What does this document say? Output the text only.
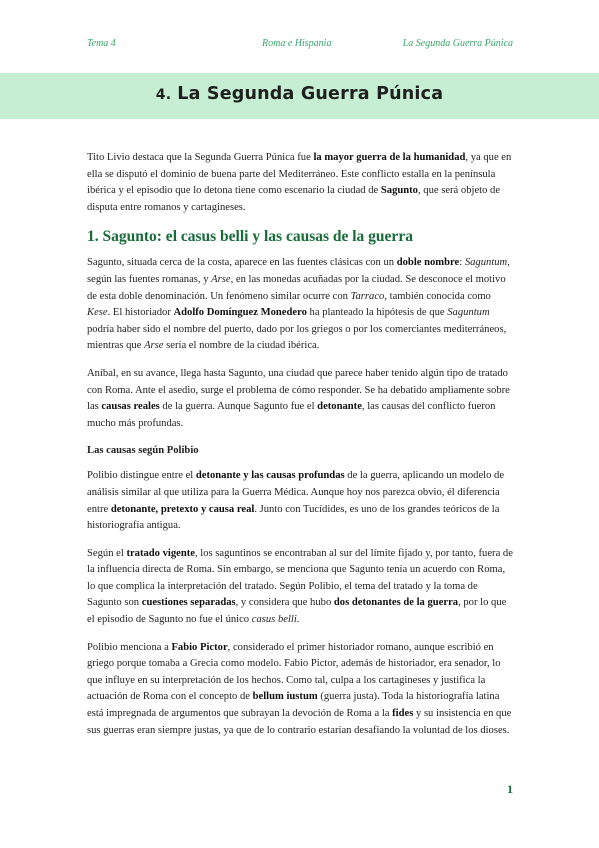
Tema 4	Roma e Hispania	La Segunda Guerra Púnica
4. La Segunda Guerra Púnica

Tito Livio destaca que la Segunda Guerra Púnica fue la mayor guerra de la humanidad, ya que en ella se disputó el dominio de buena parte del Mediterráneo. Este conflicto estalla en la península ibérica y el episodio que lo detona tiene como escenario la ciudad de Sagunto, que será objeto de disputa entre romanos y cartagineses.

1. Sagunto: el casus belli y las causas de la guerra

Sagunto, situada cerca de la costa, aparece en las fuentes clásicas con un doble nombre: Saguntum, según las fuentes romanas, y Arse, en las monedas acuñadas por la ciudad. Se desconoce el motivo de esta doble denominación. Un fenómeno similar ocurre con Tarraco, también conocida como Kese. El historiador Adolfo Domínguez Monedero ha planteado la hipótesis de que Saguntum podría haber sido el nombre del puerto, dado por los griegos o por los comerciantes mediterráneos, mientras que Arse sería el nombre de la ciudad ibérica.

Aníbal, en su avance, llega hasta Sagunto, una ciudad que parece haber tenido algún tipo de tratado con Roma. Ante el asedio, surge el problema de cómo responder. Se ha debatido ampliamente sobre las causas reales de la guerra. Aunque Sagunto fue el detonante, las causas del conflicto fueron mucho más profundas.

Las causas según Polibio

Polibio distingue entre el detonante y las causas profundas de la guerra, aplicando un modelo de análisis similar al que utiliza para la Guerra Médica. Aunque hoy nos parezca obvio, él diferencia entre detonante, pretexto y causa real. Junto con Tucídides, es uno de los grandes teóricos de la historiografía antigua.

Según el tratado vigente, los saguntinos se encontraban al sur del límite fijado y, por tanto, fuera de la influencia directa de Roma. Sin embargo, se menciona que Sagunto tenía un acuerdo con Roma, lo que complica la interpretación del tratado. Según Polibio, el tema del tratado y la toma de Sagunto son cuestiones separadas, y considera que hubo dos detonantes de la guerra, por lo que el episodio de Sagunto no fue el único casus belli.

Polibio menciona a Fabio Pictor, considerado el primer historiador romano, aunque escribió en griego porque tomaba a Grecia como modelo. Fabio Pictor, además de historiador, era senador, lo que influye en su interpretación de los hechos. Como tal, culpa a los cartagineses y justifica la actuación de Roma con el concepto de bellum iustum (guerra justa). Toda la historiografía latina está impregnada de argumentos que subrayan la devoción de Roma a la fides y su insistencia en que sus guerras eran siempre justas, ya que de lo contrario estarían desafiando la voluntad de los dioses.

1
